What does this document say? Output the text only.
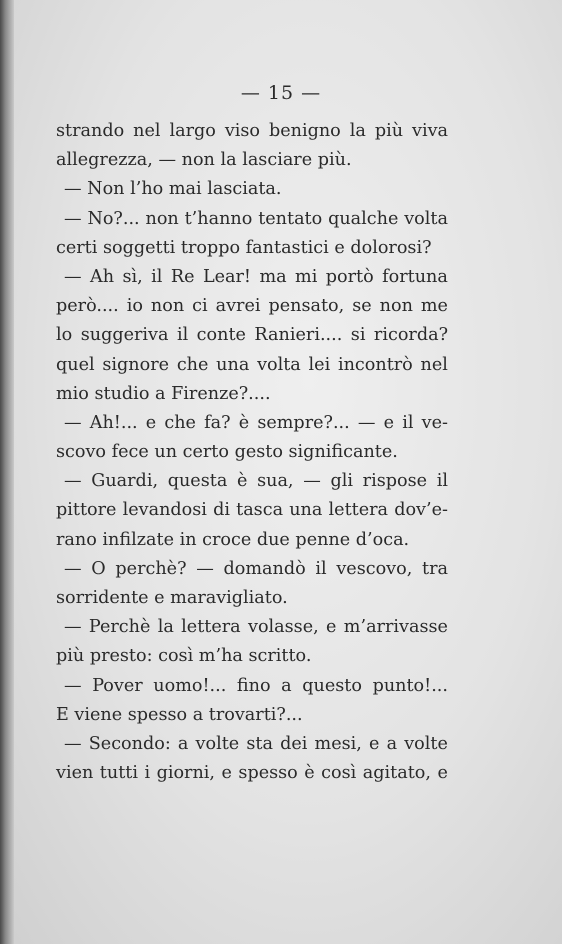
— 15 —
strando nel largo viso benigno la più viva
allegrezza, — non la lasciare più.
— Non l’ho mai lasciata.
— No?... non t’hanno tentato qualche volta
certi soggetti troppo fantastici e dolorosi?
— Ah sì, il Re Lear! ma mi portò fortuna
però.... io non ci avrei pensato, se non me
lo suggeriva il conte Ranieri.... si ricorda?
quel signore che una volta lei incontrò nel
mio studio a Firenze?....
— Ah!... e che fa? è sempre?... — e il ve-
scovo fece un certo gesto significante.
— Guardi, questa è sua, — gli rispose il
pittore levandosi di tasca una lettera dov’e-
rano infilzate in croce due penne d’oca.
— O perchè? — domandò il vescovo, tra
sorridente e maravigliato.
— Perchè la lettera volasse, e m’arrivasse
più presto: così m’ha scritto.
— Pover uomo!... fino a questo punto!...
E viene spesso a trovarti?...
— Secondo: a volte sta dei mesi, e a volte
vien tutti i giorni, e spesso è così agitato, e
